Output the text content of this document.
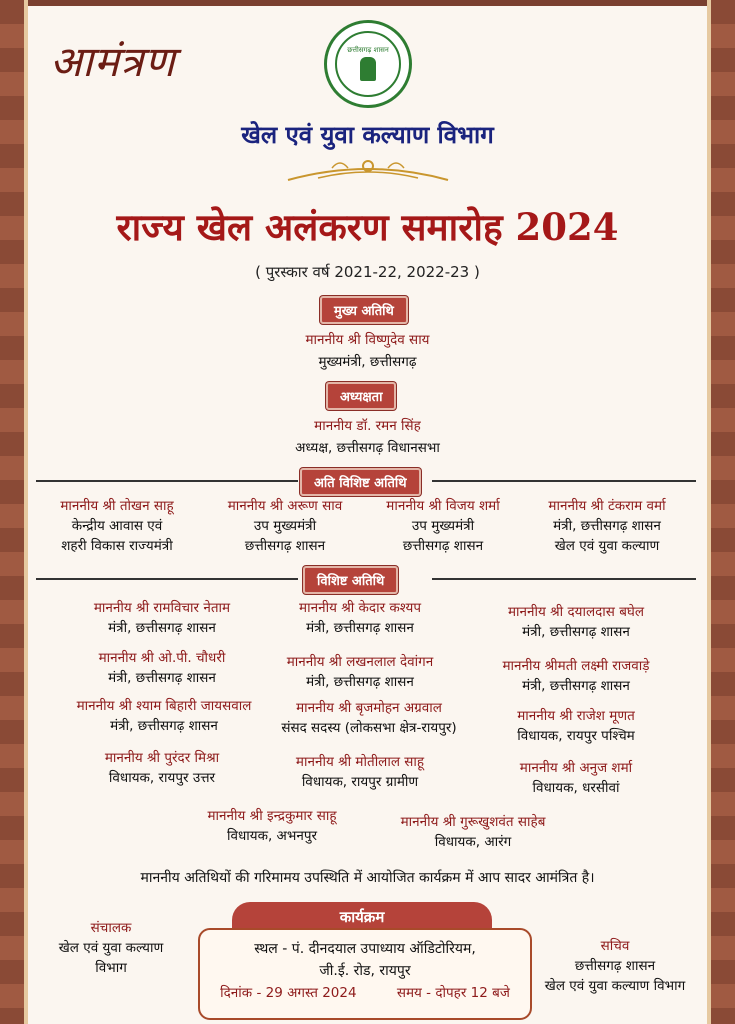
आमंत्रण	छत्तीसगढ़ शासन
खेल एवं युवा कल्याण विभाग
राज्य खेल अलंकरण समारोह 2024
( पुरस्कार वर्ष 2021-22, 2022-23 )
मुख्य अतिथि
माननीय श्री विष्णुदेव साय
मुख्यमंत्री, छत्तीसगढ़
अध्यक्षता
माननीय डॉ. रमन सिंह
अध्यक्ष, छत्तीसगढ़ विधानसभा
अति विशिष्ट अतिथि
माननीय श्री तोखन साहू
केन्द्रीय आवास एवं
शहरी विकास राज्यमंत्री
माननीय श्री अरूण साव
उप मुख्यमंत्री
छत्तीसगढ़ शासन
माननीय श्री विजय शर्मा
उप मुख्यमंत्री
छत्तीसगढ़ शासन
माननीय श्री टंकराम वर्मा
मंत्री, छत्तीसगढ़ शासन
खेल एवं युवा कल्याण
विशिष्ट अतिथि
माननीय श्री रामविचार नेताम
मंत्री, छत्तीसगढ़ शासन
माननीय श्री केदार कश्यप
मंत्री, छत्तीसगढ़ शासन
माननीय श्री दयालदास बघेल
मंत्री, छत्तीसगढ़ शासन
माननीय श्री ओ.पी. चौधरी
मंत्री, छत्तीसगढ़ शासन
माननीय श्री लखनलाल देवांगन
मंत्री, छत्तीसगढ़ शासन
माननीय श्रीमती लक्ष्मी राजवाड़े
मंत्री, छत्तीसगढ़ शासन
माननीय श्री श्याम बिहारी जायसवाल
मंत्री, छत्तीसगढ़ शासन
माननीय श्री बृजमोहन अग्रवाल
संसद सदस्य (लोकसभा क्षेत्र-रायपुर)
माननीय श्री राजेश मूणत
विधायक, रायपुर पश्चिम
माननीय श्री पुरंदर मिश्रा
विधायक, रायपुर उत्तर
माननीय श्री मोतीलाल साहू
विधायक, रायपुर ग्रामीण
माननीय श्री अनुज शर्मा
विधायक, धरसीवां
माननीय श्री इन्द्रकुमार साहू
विधायक, अभनपुर
माननीय श्री गुरूखुशवंत साहेब
विधायक, आरंग
माननीय अतिथियों की गरिमामय उपस्थिति में आयोजित कार्यक्रम में आप सादर आमंत्रित है।
कार्यक्रम
स्थल - पं. दीनदयाल उपाध्याय ऑडिटोरियम,
जी.ई. रोड, रायपुर
दिनांक - 29 अगस्त 2024	समय - दोपहर 12 बजे
संचालक
खेल एवं युवा कल्याण
विभाग
सचिव
छत्तीसगढ़ शासन
खेल एवं युवा कल्याण विभाग
